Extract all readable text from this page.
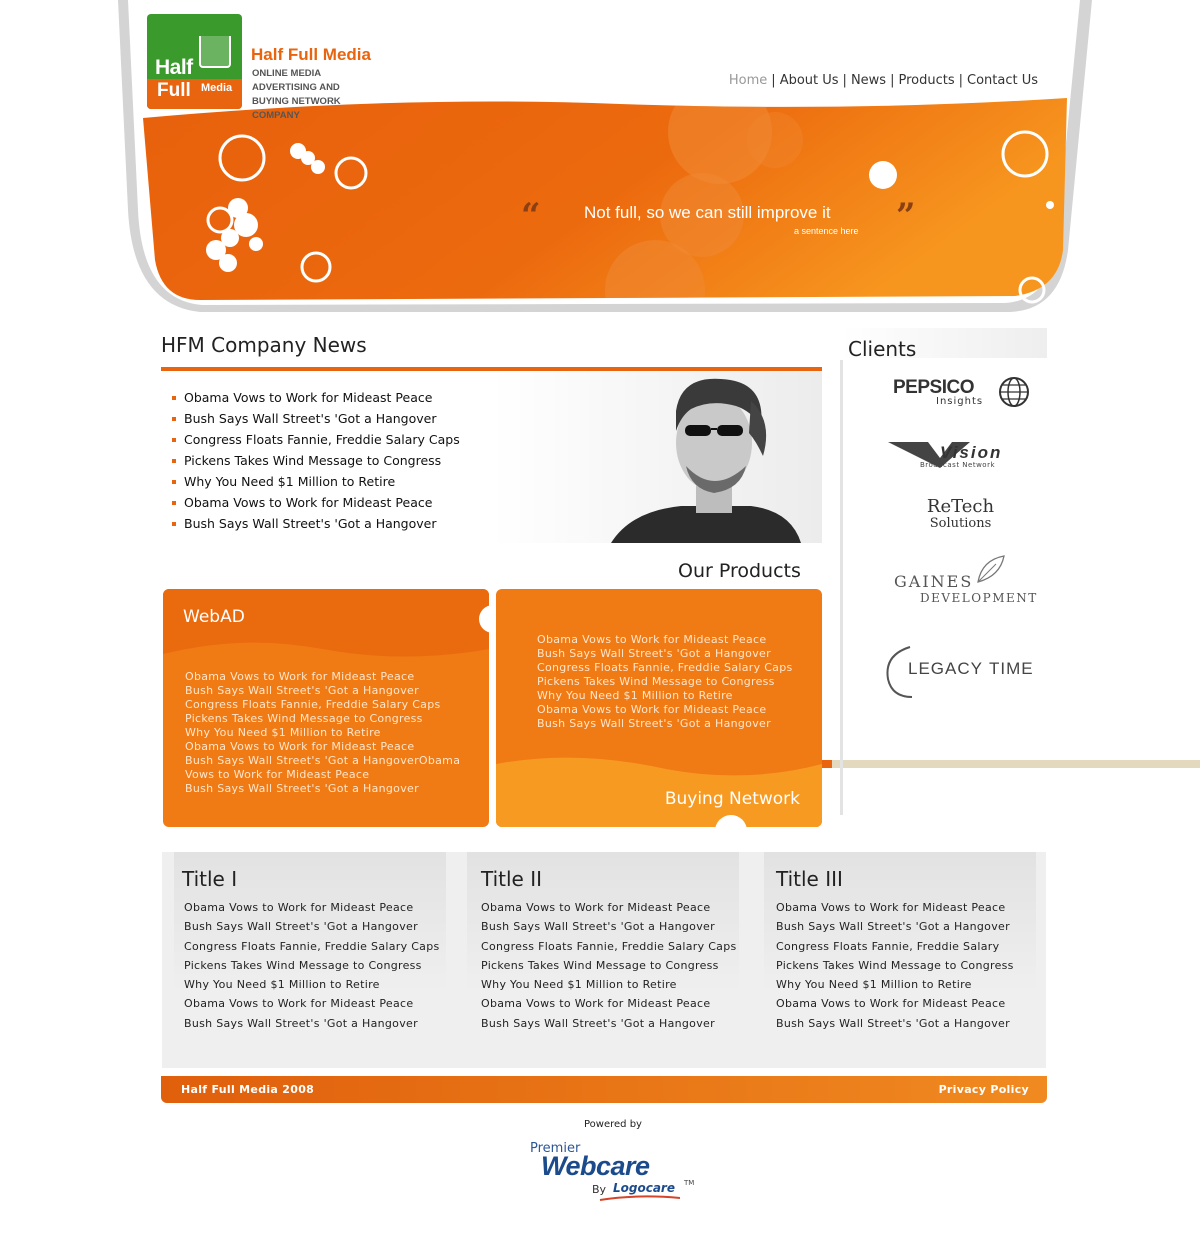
Half
Full Media
Half Full Media
ONLINE MEDIA ADVERTISING AND BUYING NETWORK COMPANY
Home | About Us | News | Products | Contact Us
“	Not full, so we can still improve it
a sentence here ”
HFM Company News
Obama Vows to Work for Mideast Peace
Bush Says Wall Street's 'Got a Hangover
Congress Floats Fannie, Freddie Salary Caps
Pickens Takes Wind Message to Congress
Why You Need $1 Million to Retire
Obama Vows to Work for Mideast Peace
Bush Says Wall Street's 'Got a Hangover
Our Products
WebAD
Obama Vows to Work for Mideast Peace
Bush Says Wall Street's 'Got a Hangover
Congress Floats Fannie, Freddie Salary Caps
Pickens Takes Wind Message to Congress
Why You Need $1 Million to Retire
Obama Vows to Work for Mideast Peace
Bush Says Wall Street's 'Got a HangoverObama
Vows to Work for Mideast Peace
Bush Says Wall Street's 'Got a Hangover
Obama Vows to Work for Mideast Peace
Bush Says Wall Street's 'Got a Hangover
Congress Floats Fannie, Freddie Salary Caps
Pickens Takes Wind Message to Congress
Why You Need $1 Million to Retire
Obama Vows to Work for Mideast Peace
Bush Says Wall Street's 'Got a Hangover
Buying Network
Clients
PEPSICO
Insights
Vision
Broadcast Network
ReTech
Solutions
GAINES
DEVELOPMENT
LEGACY TIME
Title I
Obama Vows to Work for Mideast Peace
Bush Says Wall Street's 'Got a Hangover
Congress Floats Fannie, Freddie Salary Caps
Pickens Takes Wind Message to Congress
Why You Need $1 Million to Retire
Obama Vows to Work for Mideast Peace
Bush Says Wall Street's 'Got a Hangover
Title II
Obama Vows to Work for Mideast Peace
Bush Says Wall Street's 'Got a Hangover
Congress Floats Fannie, Freddie Salary Caps
Pickens Takes Wind Message to Congress
Why You Need $1 Million to Retire
Obama Vows to Work for Mideast Peace
Bush Says Wall Street's 'Got a Hangover
Title III
Obama Vows to Work for Mideast Peace
Bush Says Wall Street's 'Got a Hangover
Congress Floats Fannie, Freddie Salary
Pickens Takes Wind Message to Congress
Why You Need $1 Million to Retire
Obama Vows to Work for Mideast Peace
Bush Says Wall Street's 'Got a Hangover
Half Full Media 2008	Privacy Policy
Powered by
Premier
Webcare
By Logocare TM
